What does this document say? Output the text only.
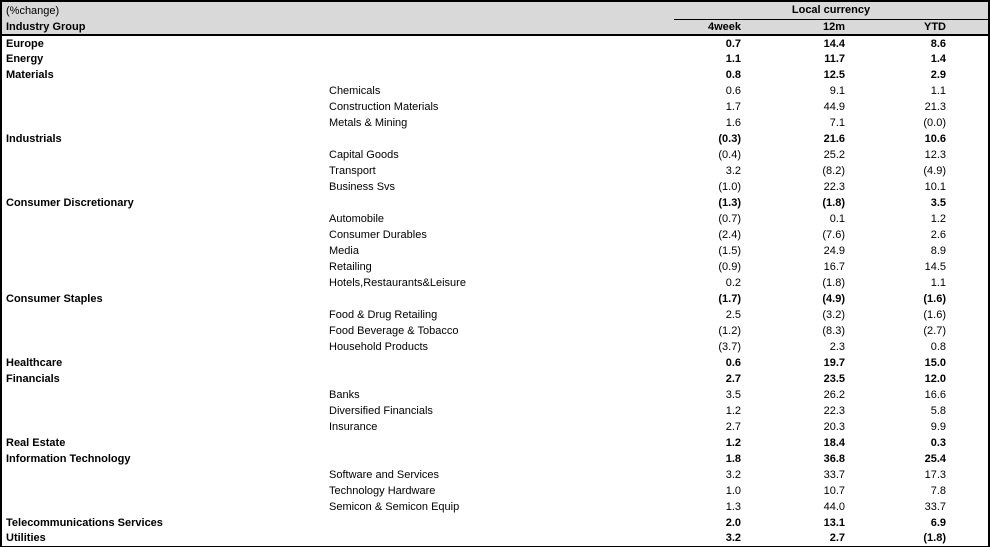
(%change)	Local currency			
Industry Group	4week	12m	YTD	
Europe	0.7	14.4	8.6	
Energy	1.1	11.7	1.4	
Materials	0.8	12.5	2.9	
Chemicals	0.6	9.1	1.1	
Construction Materials	1.7	44.9	21.3	
Metals & Mining	1.6	7.1	(0.0)	
Industrials	(0.3)	21.6	10.6	
Capital Goods	(0.4)	25.2	12.3	
Transport	3.2	(8.2)	(4.9)	
Business Svs	(1.0)	22.3	10.1	
Consumer Discretionary	(1.3)	(1.8)	3.5	
Automobile	(0.7)	0.1	1.2	
Consumer Durables	(2.4)	(7.6)	2.6	
Media	(1.5)	24.9	8.9	
Retailing	(0.9)	16.7	14.5	
Hotels,Restaurants&Leisure	0.2	(1.8)	1.1	
Consumer Staples	(1.7)	(4.9)	(1.6)	
Food & Drug Retailing	2.5	(3.2)	(1.6)	
Food Beverage & Tobacco	(1.2)	(8.3)	(2.7)	
Household Products	(3.7)	2.3	0.8	
Healthcare	0.6	19.7	15.0	
Financials	2.7	23.5	12.0	
Banks	3.5	26.2	16.6	
Diversified Financials	1.2	22.3	5.8	
Insurance	2.7	20.3	9.9	
Real Estate	1.2	18.4	0.3	
Information Technology	1.8	36.8	25.4	
Software and Services	3.2	33.7	17.3	
Technology Hardware	1.0	10.7	7.8	
Semicon & Semicon Equip	1.3	44.0	33.7	
Telecommunications Services	2.0	13.1	6.9	
Utilities	3.2	2.7	(1.8)	
